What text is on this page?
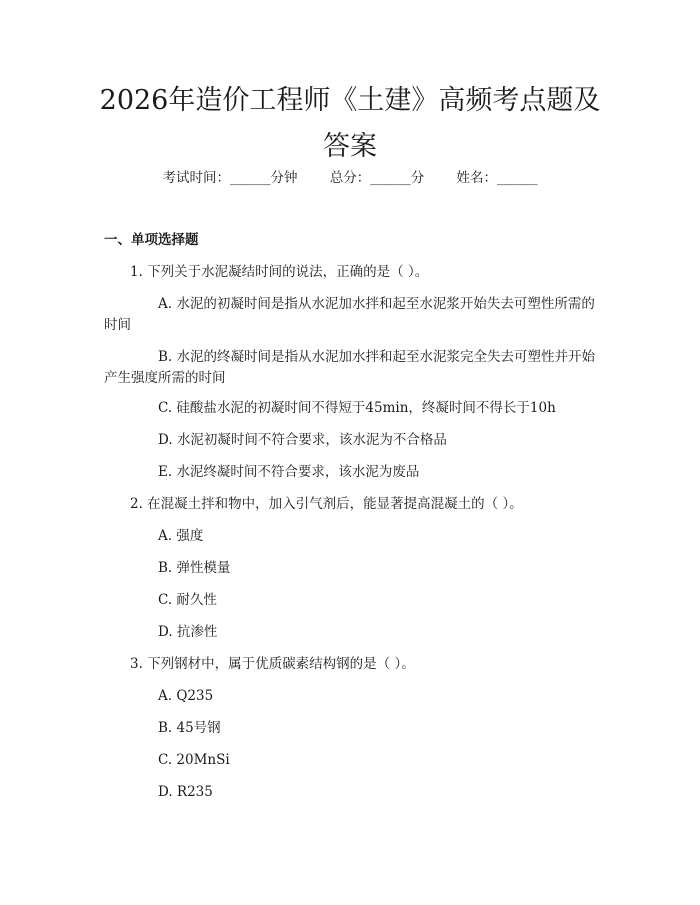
2026年造价工程师《土建》高频考点题及答案
考试时间：______分钟 总分：______分 姓名：______
一、单项选择题
1. 下列关于水泥凝结时间的说法，正确的是（ ）。
A. 水泥的初凝时间是指从水泥加水拌和起至水泥浆开始失去可塑性所需的时间
B. 水泥的终凝时间是指从水泥加水拌和起至水泥浆完全失去可塑性并开始产生强度所需的时间
C. 硅酸盐水泥的初凝时间不得短于45min，终凝时间不得长于10h
D. 水泥初凝时间不符合要求，该水泥为不合格品
E. 水泥终凝时间不符合要求，该水泥为废品
2. 在混凝土拌和物中，加入引气剂后，能显著提高混凝土的（ ）。
A. 强度
B. 弹性模量
C. 耐久性
D. 抗渗性
3. 下列钢材中，属于优质碳素结构钢的是（ ）。
A. Q235
B. 45号钢
C. 20MnSi
D. R235
